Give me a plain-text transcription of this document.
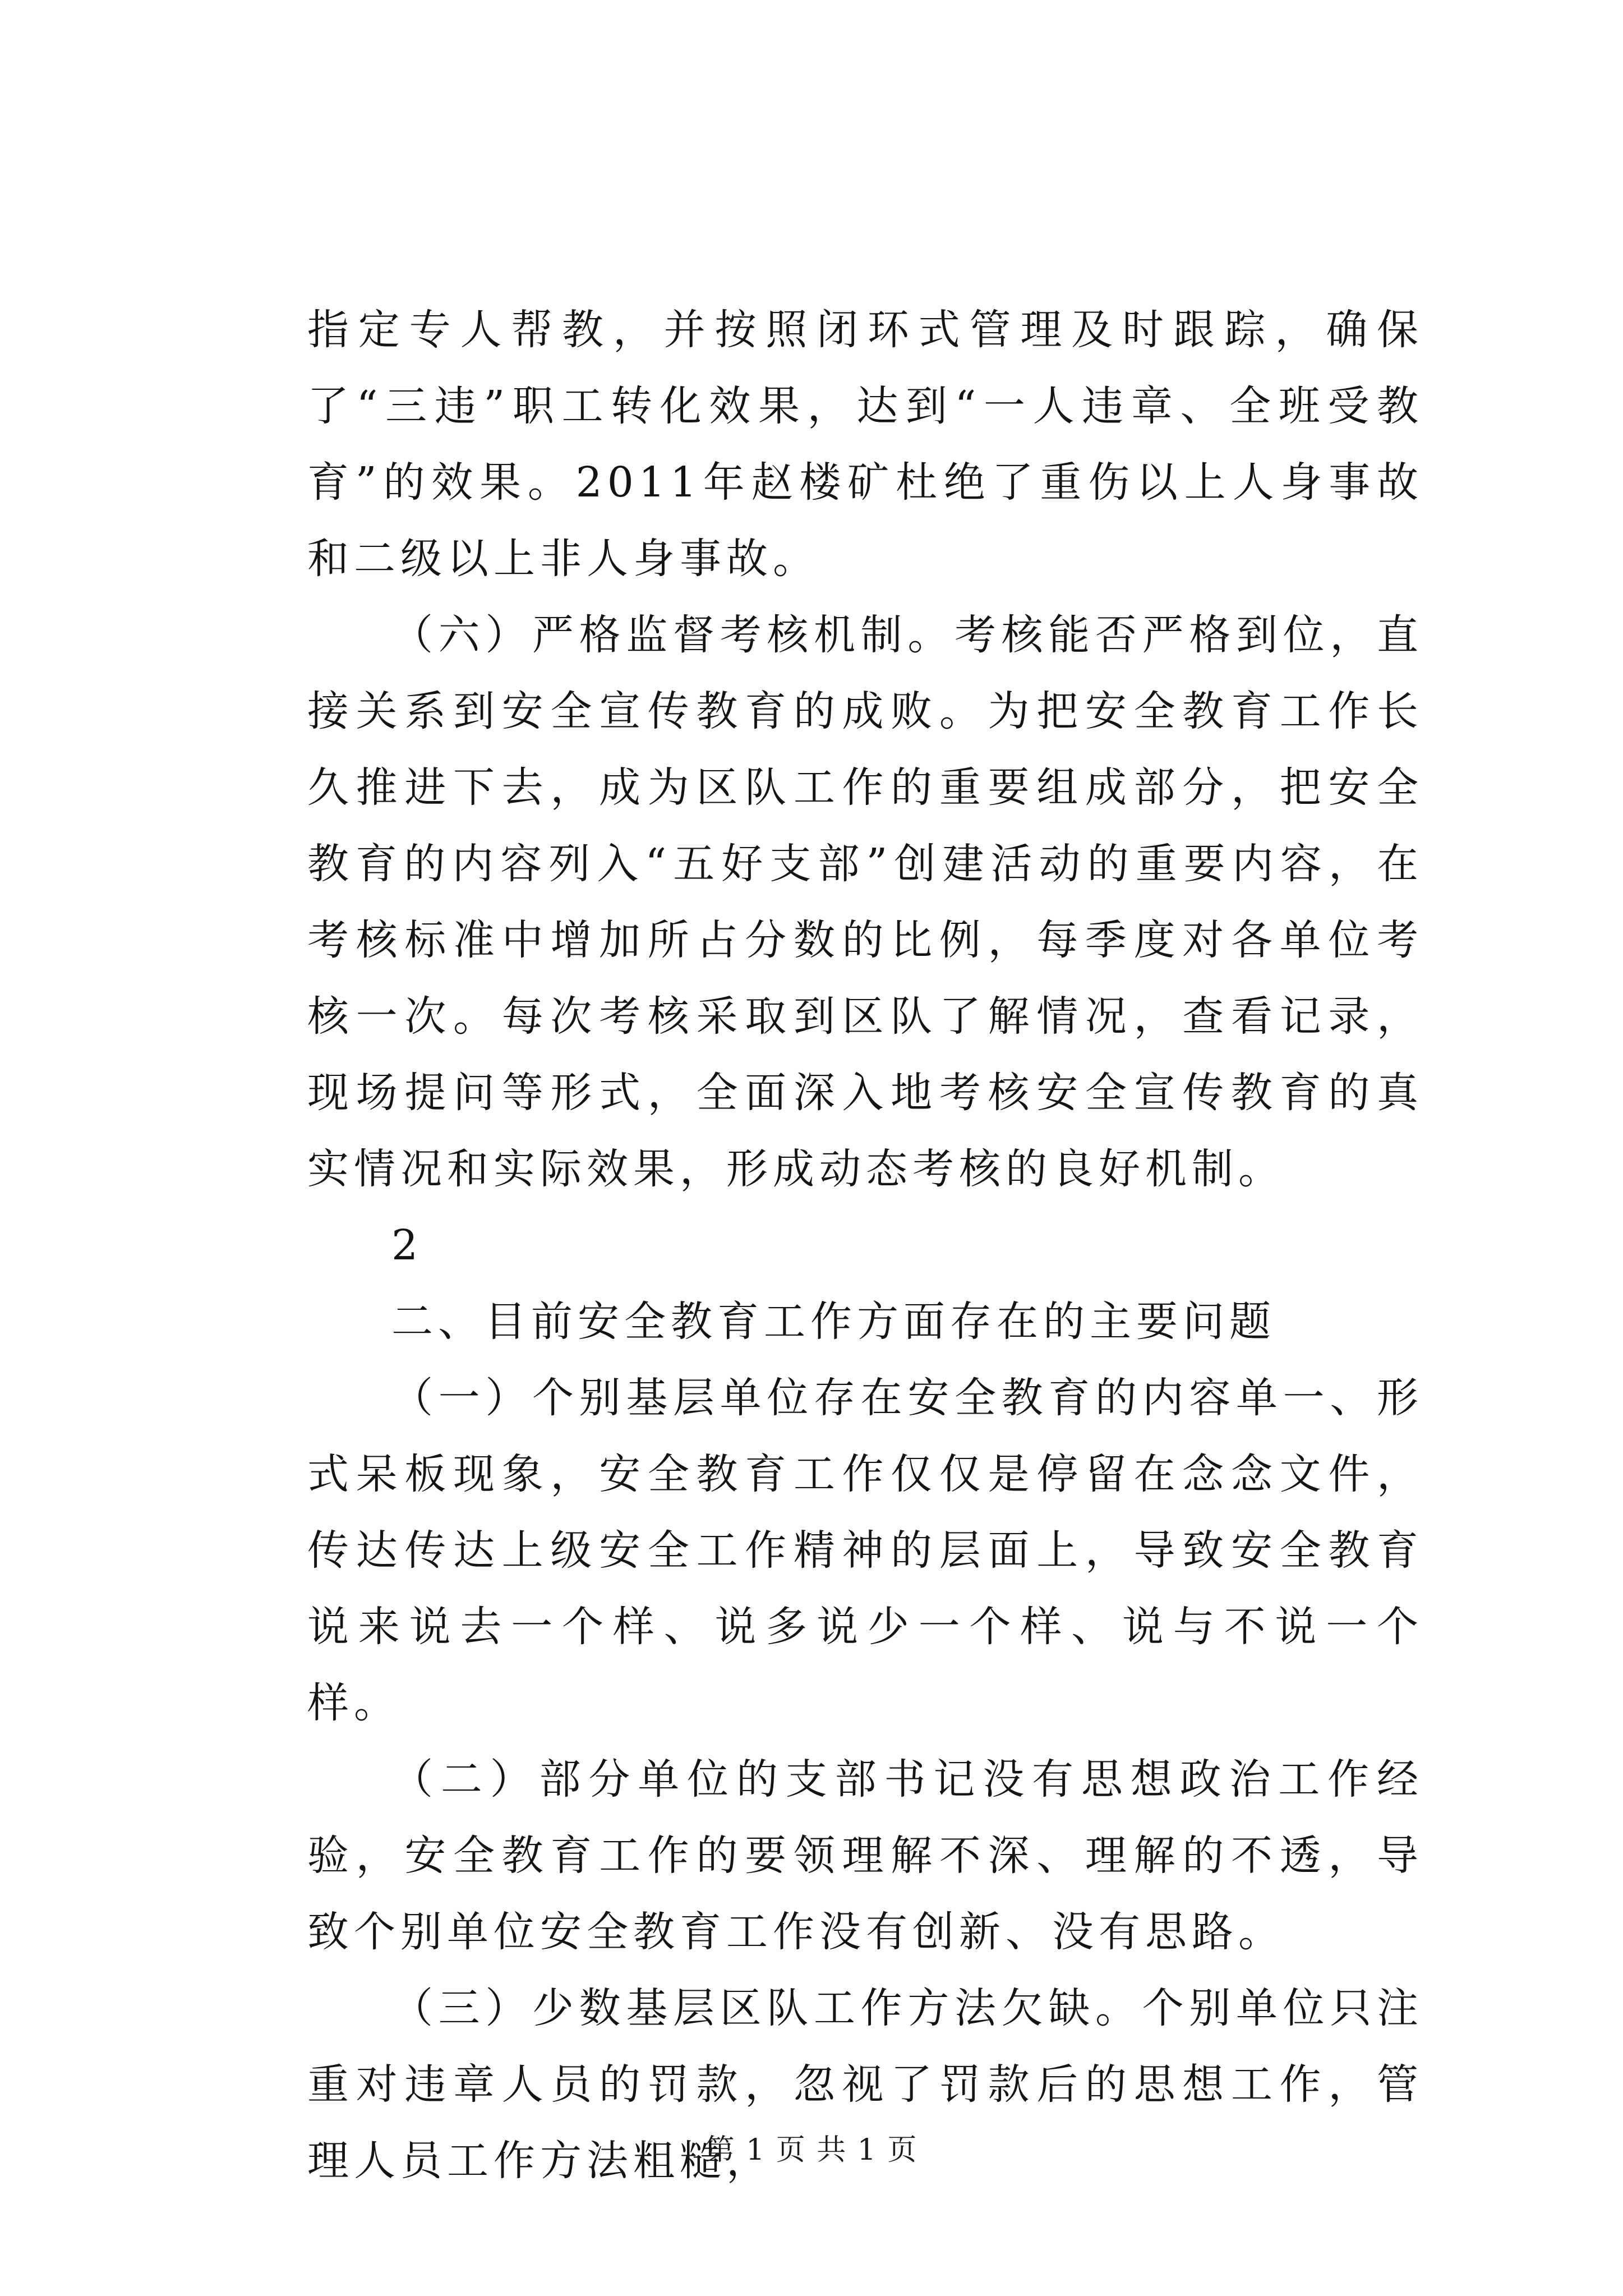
指定专人帮教，并按照闭环式管理及时跟踪，确保了“三违”职工转化效果，达到“一人违章、全班受教育”的效果。2011年赵楼矿杜绝了重伤以上人身事故和二级以上非人身事故。

（六）严格监督考核机制。考核能否严格到位，直接关系到安全宣传教育的成败。为把安全教育工作长久推进下去，成为区队工作的重要组成部分，把安全教育的内容列入“五好支部”创建活动的重要内容，在考核标准中增加所占分数的比例，每季度对各单位考核一次。每次考核采取到区队了解情况，查看记录，现场提问等形式，全面深入地考核安全宣传教育的真实情况和实际效果，形成动态考核的良好机制。

2

二、目前安全教育工作方面存在的主要问题

（一）个别基层单位存在安全教育的内容单一、形式呆板现象，安全教育工作仅仅是停留在念念文件，传达传达上级安全工作精神的层面上，导致安全教育说来说去一个样、说多说少一个样、说与不说一个样。

（二）部分单位的支部书记没有思想政治工作经验，安全教育工作的要领理解不深、理解的不透，导致个别单位安全教育工作没有创新、没有思路。

（三）少数基层区队工作方法欠缺。个别单位只注重对违章人员的罚款，忽视了罚款后的思想工作，管理人员工作方法粗糙，

第 1 页 共 1 页
